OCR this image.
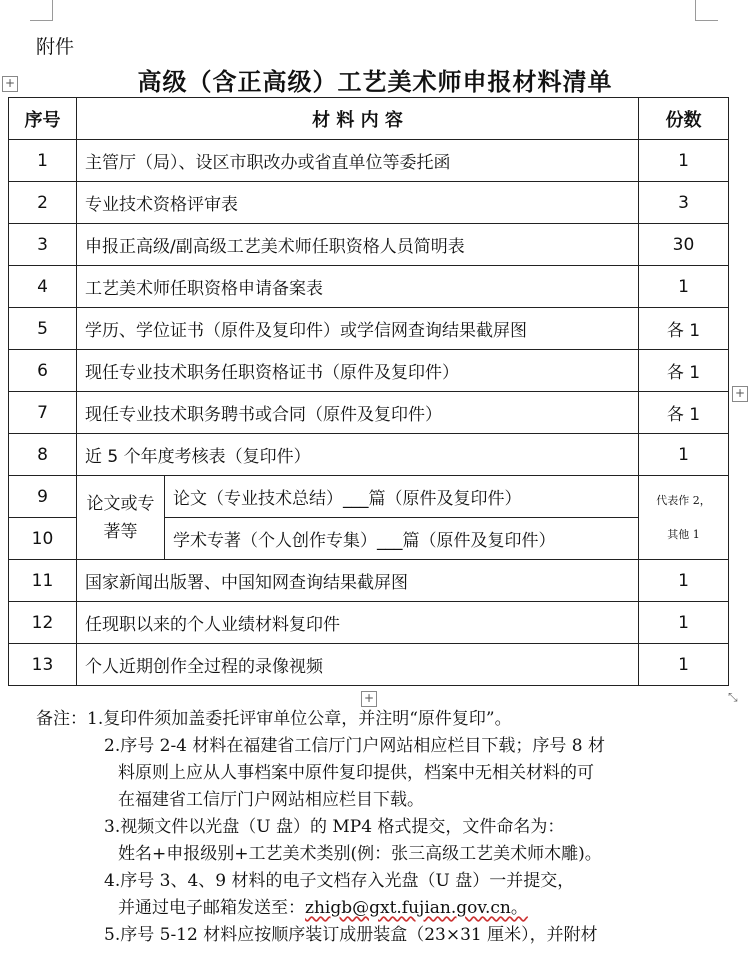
附件
高级（含正高级）工艺美术师申报材料清单
序号	材 料 内 容		份数
1	主管厅（局）、设区市职改办或省直单位等委托函		1
2	专业技术资格评审表		3
3	申报正高级/副高级工艺美术师任职资格人员简明表		30
4	工艺美术师任职资格申请备案表		1
5	学历、学位证书（原件及复印件）或学信网查询结果截屏图		各 1
6	现任专业技术职务任职资格证书（原件及复印件）		各 1
7	现任专业技术职务聘书或合同（原件及复印件）		各 1
8	近 5 个年度考核表（复印件）		1
9	论文或专著等	论文（专业技术总结）___篇（原件及复印件）	代表作 2，
其他 1

10		学术专著（个人创作专集）___篇（原件及复印件）	
11	国家新闻出版署、中国知网查询结果截屏图		1
12	任现职以来的个人业绩材料复印件		1
13	个人近期创作全过程的录像视频		1
+
+
+	⤡
备注：1.复印件须加盖委托评审单位公章，并注明“原件复印”。
2.序号 2-4 材料在福建省工信厅门户网站相应栏目下载；序号 8 材
料原则上应从人事档案中原件复印提供，档案中无相关材料的可
在福建省工信厅门户网站相应栏目下载。
3.视频文件以光盘（U 盘）的 MP4 格式提交，文件命名为：
姓名+申报级别+工艺美术类别(例：张三高级工艺美术师木雕)。
4.序号 3、4、9 材料的电子文档存入光盘（U 盘）一并提交，
并通过电子邮箱发送至：zhigb@gxt.fujian.gov.cn。
5.序号 5-12 材料应按顺序装订成册装盒（23×31 厘米），并附材
